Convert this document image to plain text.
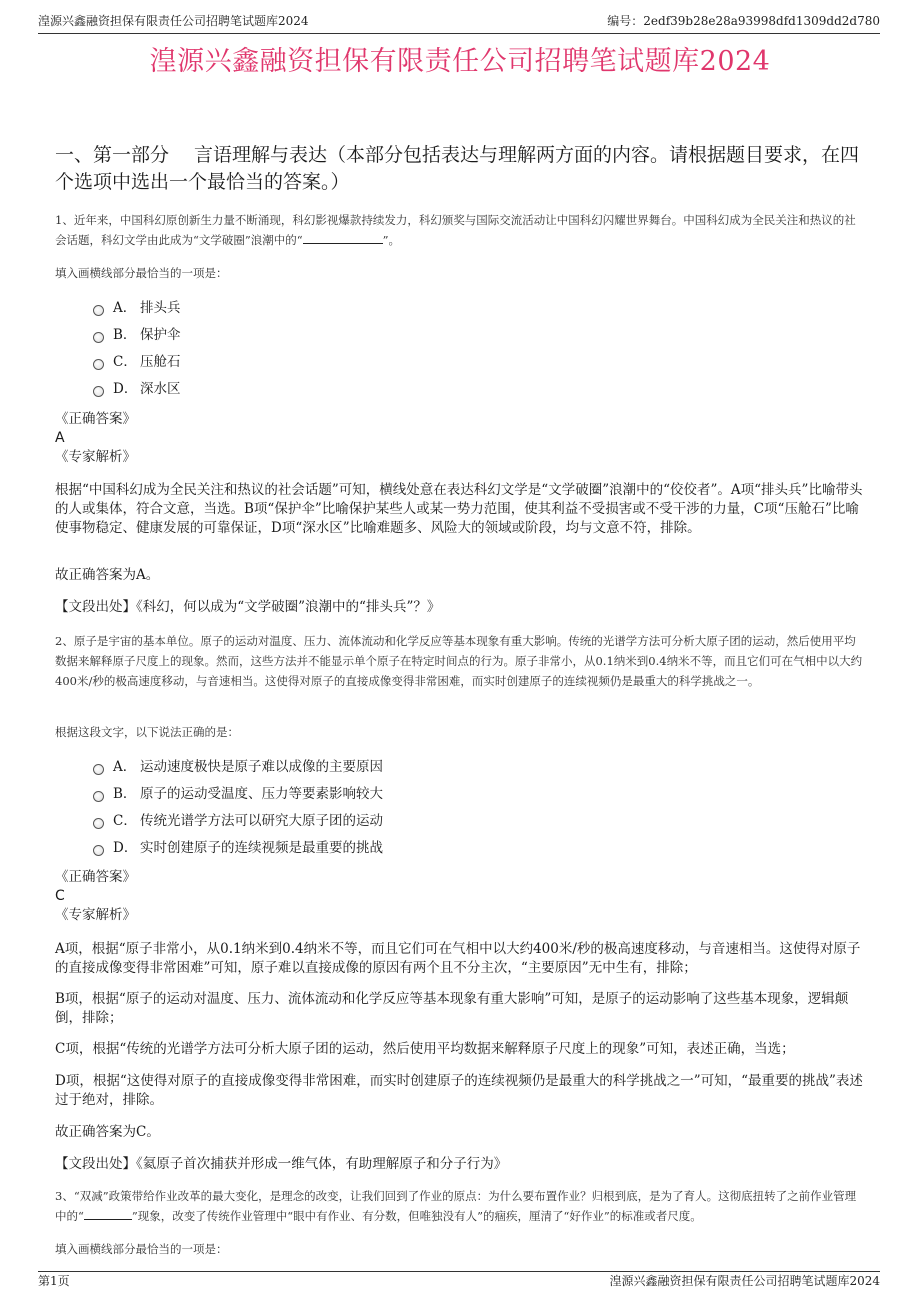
湟源兴鑫融资担保有限责任公司招聘笔试题库2024	编号：2edf39b28e28a93998dfd1309dd2d780
湟源兴鑫融资担保有限责任公司招聘笔试题库2024
一、第一部分 　言语理解与表达（本部分包括表达与理解两方面的内容。请根据题目要求，在四个选项中选出一个最恰当的答案。）
1、近年来，中国科幻原创新生力量不断涌现，科幻影视爆款持续发力，科幻颁奖与国际交流活动让中国科幻闪耀世界舞台。中国科幻成为全民关注和热议的社会话题，科幻文学由此成为“文学破圈”浪潮中的“	”。
填入画横线部分最恰当的一项是：
A． 排头兵
B． 保护伞
C． 压舱石
D． 深水区
《正确答案》
A
《专家解析》
根据“中国科幻成为全民关注和热议的社会话题”可知，横线处意在表达科幻文学是“文学破圈”浪潮中的“佼佼者”。A项“排头兵”比喻带头的人或集体，符合文意，当选。B项“保护伞”比喻保护某些人或某一势力范围，使其利益不受损害或不受干涉的力量，C项“压舱石”比喻使事物稳定、健康发展的可靠保证，D项“深水区”比喻难题多、风险大的领域或阶段，均与文意不符，排除。
故正确答案为A。
【文段出处】《科幻，何以成为“文学破圈”浪潮中的“排头兵”？》
2、原子是宇宙的基本单位。原子的运动对温度、压力、流体流动和化学反应等基本现象有重大影响。传统的光谱学方法可分析大原子团的运动，然后使用平均数据来解释原子尺度上的现象。然而，这些方法并不能显示单个原子在特定时间点的行为。原子非常小，从0.1纳米到0.4纳米不等，而且它们可在气相中以大约400米/秒的极高速度移动，与音速相当。这使得对原子的直接成像变得非常困难，而实时创建原子的连续视频仍是最重大的科学挑战之一。
根据这段文字，以下说法正确的是：
A． 运动速度极快是原子难以成像的主要原因
B． 原子的运动受温度、压力等要素影响较大
C． 传统光谱学方法可以研究大原子团的运动
D． 实时创建原子的连续视频是最重要的挑战
《正确答案》
C
《专家解析》
A项，根据“原子非常小，从0.1纳米到0.4纳米不等，而且它们可在气相中以大约400米/秒的极高速度移动，与音速相当。这使得对原子的直接成像变得非常困难”可知，原子难以直接成像的原因有两个且不分主次，“主要原因”无中生有，排除；
B项，根据“原子的运动对温度、压力、流体流动和化学反应等基本现象有重大影响”可知，是原子的运动影响了这些基本现象，逻辑颠倒，排除；
C项，根据“传统的光谱学方法可分析大原子团的运动，然后使用平均数据来解释原子尺度上的现象”可知，表述正确，当选；
D项，根据“这使得对原子的直接成像变得非常困难，而实时创建原子的连续视频仍是最重大的科学挑战之一”可知，“最重要的挑战”表述过于绝对，排除。
故正确答案为C。
【文段出处】《氦原子首次捕获并形成一维气体，有助理解原子和分子行为》
3、“双减”政策带给作业改革的最大变化，是理念的改变，让我们回到了作业的原点：为什么要布置作业？归根到底，是为了育人。这彻底扭转了之前作业管理中的“	”现象，改变了传统作业管理中“眼中有作业、有分数，但唯独没有人”的痼疾，厘清了“好作业”的标准或者尺度。
填入画横线部分最恰当的一项是：
第1页	湟源兴鑫融资担保有限责任公司招聘笔试题库2024
